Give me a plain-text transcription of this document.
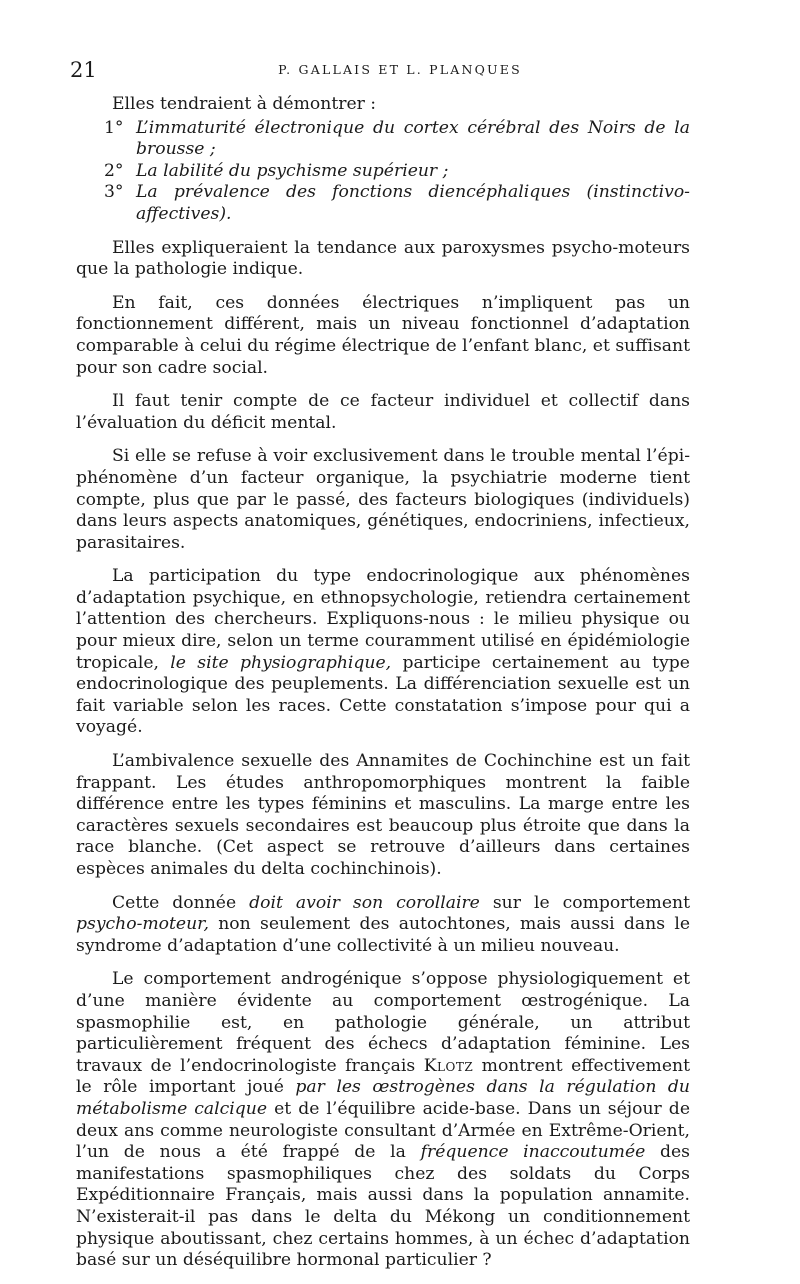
21	P. GALLAIS ET L. PLANQUES

Elles tendraient à démontrer :

1° L’immaturité électronique du cortex cérébral des Noirs de la brousse ;
2° La labilité du psychisme supérieur ;
3° La prévalence des fonctions diencéphaliques (instinctivo-affectives).

Elles expliqueraient la tendance aux paroxysmes psycho-moteurs que la pathologie indique.

En fait, ces données électriques n’impliquent pas un fonctionnement différent, mais un niveau fonctionnel d’adaptation comparable à celui du régime électrique de l’enfant blanc, et suffisant pour son cadre social.

Il faut tenir compte de ce facteur individuel et collectif dans l’évaluation du déficit mental.

Si elle se refuse à voir exclusivement dans le trouble mental l’épi-phénomène d’un facteur organique, la psychiatrie moderne tient compte, plus que par le passé, des facteurs biologiques (individuels) dans leurs aspects anatomiques, génétiques, endocriniens, infectieux, parasitaires.

La participation du type endocrinologique aux phénomènes d’adaptation psychique, en ethnopsychologie, retiendra certainement l’attention des chercheurs. Expliquons-nous : le milieu physique ou pour mieux dire, selon un terme couramment utilisé en épidémiologie tropicale, le site physiographique, participe certainement au type endocrinologique des peuplements. La différenciation sexuelle est un fait variable selon les races. Cette constatation s’impose pour qui a voyagé.

L’ambivalence sexuelle des Annamites de Cochinchine est un fait frappant. Les études anthropomorphiques montrent la faible différence entre les types féminins et masculins. La marge entre les caractères sexuels secondaires est beaucoup plus étroite que dans la race blanche. (Cet aspect se retrouve d’ailleurs dans certaines espèces animales du delta cochinchinois).

Cette donnée doit avoir son corollaire sur le comportement psycho-moteur, non seulement des autochtones, mais aussi dans le syndrome d’adaptation d’une collectivité à un milieu nouveau.

Le comportement androgénique s’oppose physiologiquement et d’une manière évidente au comportement œstrogénique. La spasmophilie est, en pathologie générale, un attribut particulièrement fréquent des échecs d’adaptation féminine. Les travaux de l’endocrinologiste français Klotz montrent effectivement le rôle important joué par les œstrogènes dans la régulation du métabolisme calcique et de l’équilibre acide-base. Dans un séjour de deux ans comme neurologiste consultant d’Armée en Extrême-Orient, l’un de nous a été frappé de la fréquence inaccoutumée des manifestations spasmophiliques chez des soldats du Corps Expéditionnaire Français, mais aussi dans la population annamite. N’existerait-il pas dans le delta du Mékong un conditionnement physique aboutissant, chez certains hommes, à un échec d’adaptation basé sur un déséquilibre hormonal particulier ?
